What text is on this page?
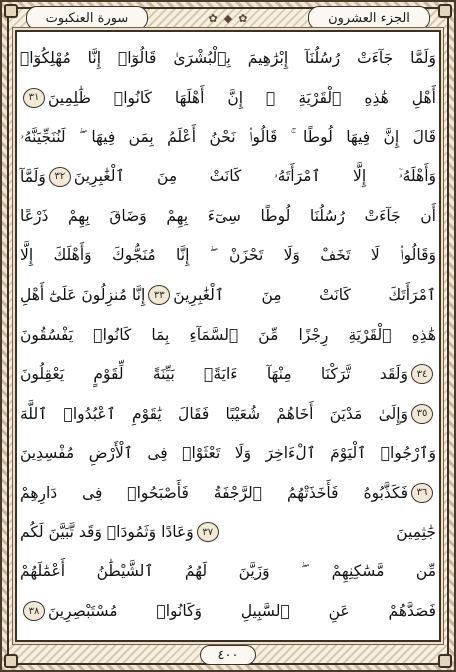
الجزء العشرون
✿ ◆ ✿
سورة العنكبوت
وَلَمَّا جَآءَتْ رُسُلُنَآ إِبْرَٰهِيمَ بِٱلْبُشْرَىٰ قَالُوٓا۟ إِنَّا مُهْلِكُوٓا۟
أَهْلِ هَٰذِهِ ٱلْقَرْيَةِ ۖ إِنَّ أَهْلَهَا كَانُوا۟ ظَٰلِمِينَ
٣١
قَالَ إِنَّ فِيهَا لُوطًا ۚ قَالُوا۟ نَحْنُ أَعْلَمُ بِمَن فِيهَا ۖ لَنُنَجِّيَنَّهُۥ
وَأَهْلَهُۥٓ إِلَّا ٱمْرَأَتَهُۥ كَانَتْ مِنَ ٱلْغَٰبِرِينَ
٣٢
وَلَمَّآ
أَن جَآءَتْ رُسُلُنَا لُوطًا سِىٓءَ بِهِمْ وَضَاقَ بِهِمْ ذَرْعًا
وَقَالُوا۟ لَا تَخَفْ وَلَا تَحْزَنْ ۖ إِنَّا مُنَجُّوكَ وَأَهْلَكَ إِلَّا
ٱمْرَأَتَكَ كَانَتْ مِنَ ٱلْغَٰبِرِينَ
٣٣
إِنَّا مُنزِلُونَ عَلَىٰٓ أَهْلِ
هَٰذِهِ ٱلْقَرْيَةِ رِجْزًا مِّنَ ٱلسَّمَآءِ بِمَا كَانُوا۟ يَفْسُقُونَ
٣٤
وَلَقَد تَّرَكْنَا مِنْهَآ ءَايَةًۢ بَيِّنَةً لِّقَوْمٍ يَعْقِلُونَ
٣٥
وَإِلَىٰ مَدْيَنَ أَخَاهُمْ شُعَيْبًا فَقَالَ يَٰقَوْمِ ٱعْبُدُوا۟ ٱللَّهَ
وَٱرْجُوا۟ ٱلْيَوْمَ ٱلْءَاخِرَ وَلَا تَعْثَوْا۟ فِى ٱلْأَرْضِ مُفْسِدِينَ
٣٦
فَكَذَّبُوهُ فَأَخَذَتْهُمُ ٱلرَّجْفَةُ فَأَصْبَحُوا۟ فِى دَارِهِمْ
جَٰثِمِينَ
٣٧
وَعَادًا وَثَمُودَا۟ وَقَد تَّبَيَّنَ لَكُم
مِّن مَّسَٰكِنِهِمْ ۖ وَزَيَّنَ لَهُمُ ٱلشَّيْطَٰنُ أَعْمَٰلَهُمْ
فَصَدَّهُمْ عَنِ ٱلسَّبِيلِ وَكَانُوا۟ مُسْتَبْصِرِينَ
٣٨
٤٠٠
